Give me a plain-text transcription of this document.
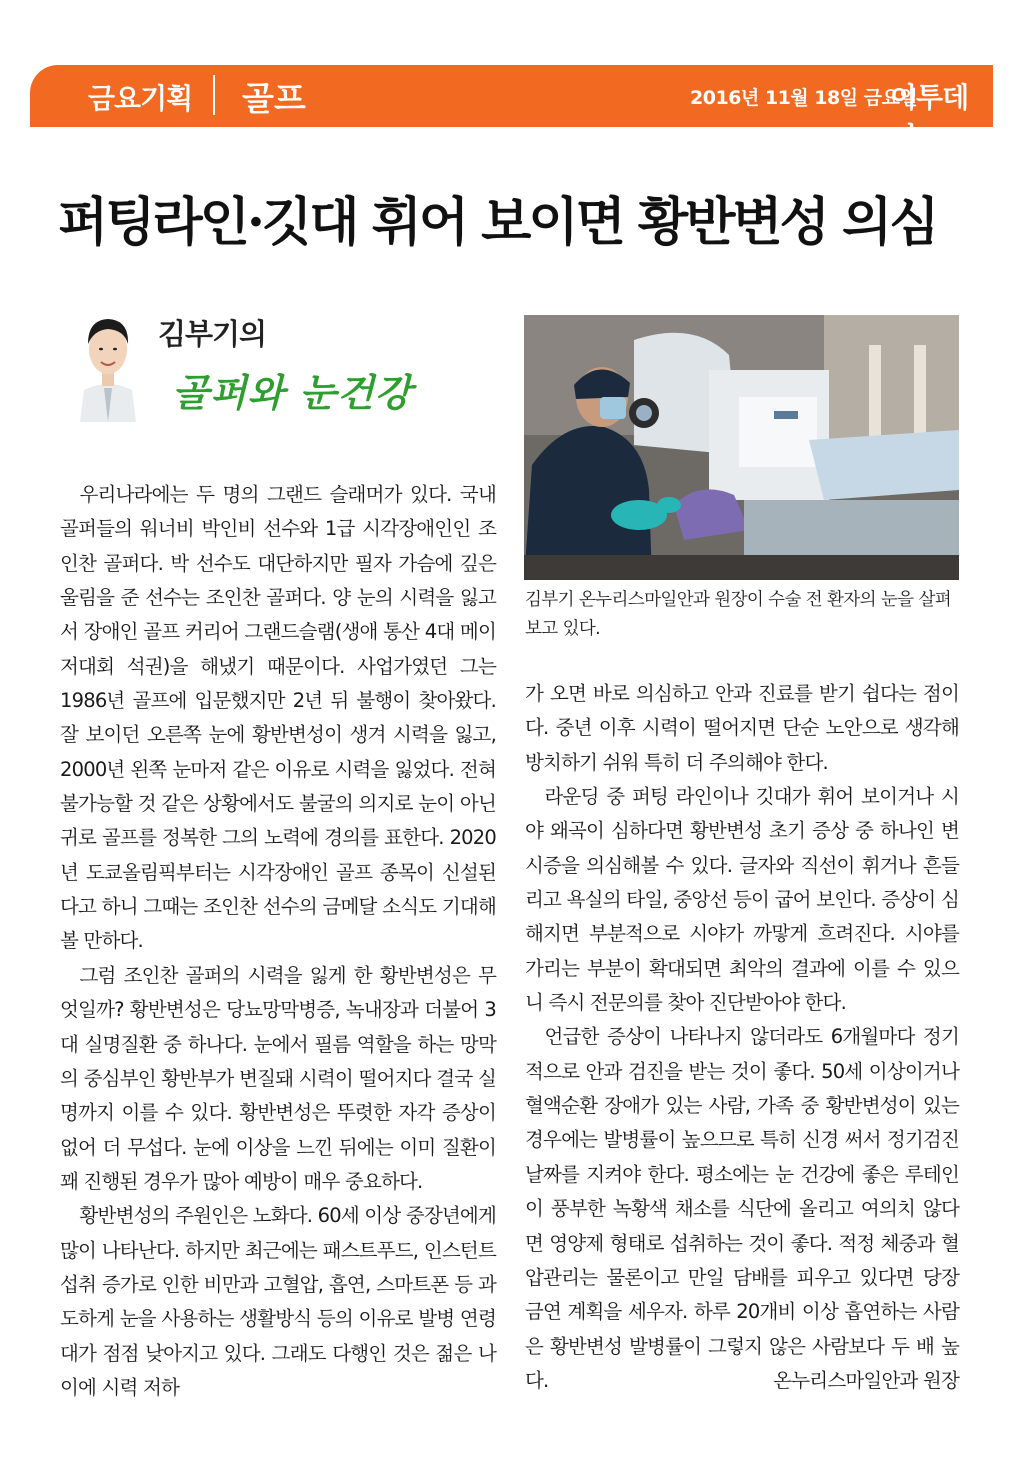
금요기획 골프	2016년 11월 18일 금요일
이투데이
퍼팅라인·깃대 휘어 보이면 황반변성 의심
김부기의
골퍼와 눈건강

우리나라에는 두 명의 그랜드 슬래머가 있다. 국내 골퍼들의 워너비 박인비 선수와 1급 시각장애인인 조인찬 골퍼다. 박 선수도 대단하지만 필자 가슴에 깊은 울림을 준 선수는 조인찬 골퍼다. 양 눈의 시력을 잃고서 장애인 골프 커리어 그랜드슬램(생애 통산 4대 메이저대회 석권)을 해냈기 때문이다. 사업가였던 그는 1986년 골프에 입문했지만 2년 뒤 불행이 찾아왔다. 잘 보이던 오른쪽 눈에 황반변성이 생겨 시력을 잃고, 2000년 왼쪽 눈마저 같은 이유로 시력을 잃었다. 전혀 불가능할 것 같은 상황에서도 불굴의 의지로 눈이 아닌 귀로 골프를 정복한 그의 노력에 경의를 표한다. 2020년 도쿄올림픽부터는 시각장애인 골프 종목이 신설된다고 하니 그때는 조인찬 선수의 금메달 소식도 기대해 볼 만하다.

그럼 조인찬 골퍼의 시력을 잃게 한 황반변성은 무엇일까? 황반변성은 당뇨망막병증, 녹내장과 더불어 3대 실명질환 중 하나다. 눈에서 필름 역할을 하는 망막의 중심부인 황반부가 변질돼 시력이 떨어지다 결국 실명까지 이를 수 있다. 황반변성은 뚜렷한 자각 증상이 없어 더 무섭다. 눈에 이상을 느낀 뒤에는 이미 질환이 꽤 진행된 경우가 많아 예방이 매우 중요하다.

황반변성의 주원인은 노화다. 60세 이상 중장년에게 많이 나타난다. 하지만 최근에는 패스트푸드, 인스턴트 섭취 증가로 인한 비만과 고혈압, 흡연, 스마트폰 등 과도하게 눈을 사용하는 생활방식 등의 이유로 발병 연령대가 점점 낮아지고 있다. 그래도 다행인 것은 젊은 나이에 시력 저하

김부기 온누리스마일안과 원장이 수술 전 환자의 눈을 살펴보고 있다.

가 오면 바로 의심하고 안과 진료를 받기 쉽다는 점이다. 중년 이후 시력이 떨어지면 단순 노안으로 생각해 방치하기 쉬워 특히 더 주의해야 한다.

라운딩 중 퍼팅 라인이나 깃대가 휘어 보이거나 시야 왜곡이 심하다면 황반변성 초기 증상 중 하나인 변시증을 의심해볼 수 있다. 글자와 직선이 휘거나 흔들리고 욕실의 타일, 중앙선 등이 굽어 보인다. 증상이 심해지면 부분적으로 시야가 까맣게 흐려진다. 시야를 가리는 부분이 확대되면 최악의 결과에 이를 수 있으니 즉시 전문의를 찾아 진단받아야 한다.

언급한 증상이 나타나지 않더라도 6개월마다 정기적으로 안과 검진을 받는 것이 좋다. 50세 이상이거나 혈액순환 장애가 있는 사람, 가족 중 황반변성이 있는 경우에는 발병률이 높으므로 특히 신경 써서 정기검진 날짜를 지켜야 한다. 평소에는 눈 건강에 좋은 루테인이 풍부한 녹황색 채소를 식단에 올리고 여의치 않다면 영양제 형태로 섭취하는 것이 좋다. 적정 체중과 혈압관리는 물론이고 만일 담배를 피우고 있다면 당장 금연 계획을 세우자. 하루 20개비 이상 흡연하는 사람은 황반변성 발병률이 그렇지 않은 사람보다 두 배 높다.	온누리스마일안과 원장
